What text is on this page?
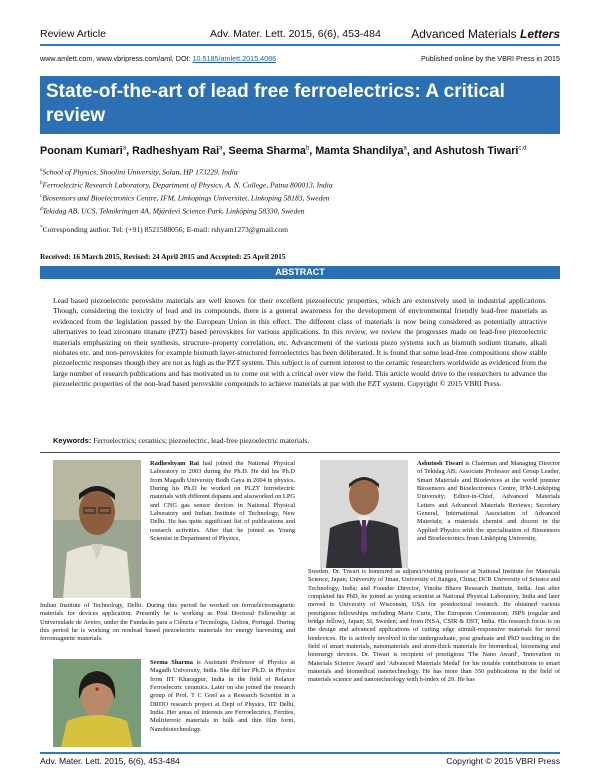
Review Article	Adv. Mater. Lett. 2015, 6(6), 453-484	Advanced Materials Letters
www.amlett.com, www.vbripress.com/aml, DOI: 10.5185/amlett.2015.4086	Published online by the VBRI Press in 2015
State-of-the-art of lead free ferroelectrics: A critical review
Poonam Kumari$^a$, Radheshyam Rai$^a$, Seema Sharma$^b$, Mamta Shandilya$^a$, and Ashutosh Tiwari$^{c,d}$
$^a$School of Physics, Shoolini University, Solan, HP 173229, India
$^b$Ferroelectric Research Laboratory, Department of Physics, A. N. College, Patna 800013, India
$^c$Biosensors and Bioelectronics Centre, IFM, Linkopings Universitet, Linkoping 58183, Sweden
$^d$Tekidag AB, UCS, Teknikringen 4A, Mjärdevi Science Park, Linköping 58330, Sweden
*Corresponding author. Tel: (+91) 8521588056; E-mail: rshyam1273@gmail.com
Received: 16 March 2015, Revised: 24 April 2015 and Accepted: 25 April 2015
ABSTRACT
Lead based piezoelectric perovskite materials are well known for their excellent piezoelectric properties, which are extensively used in industrial applications. Though, considering the toxicity of lead and its compounds, there is a general awareness for the development of environmental friendly lead-free materials as evidenced from the legislation passed by the European Union in this effect. The different class of materials is now being considered as potentially attractive alternatives to lead zirconate titanate (PZT) based perovskites for various applications. In this review, we review the progresses made on lead-free piezoelectric materials emphasizing on their synthesis, structure–property correlation, etc. Advancement of the various piezo systems such as bismuth sodium titanate, alkali niobates etc. and non-perovskites for example bismuth layer-structured ferroelectrics has been deliberated. It is found that some lead-free compositions show stable piezoelectric responses though they are not as high as the PZT system. This subject is of current interest to the ceramic researchers worldwide as evidenced from the large number of research publications and has motivated us to come out with a critical over view the field. This article would drive to the researchers to advance the piezoelectric properties of the non-lead based perovskite compounds to achieve materials at par with the PZT system. Copyright © 2015 VBRI Press.
Keywords: Ferroelectrics; ceramics; piezoelectric, lead-free piezoelectric materials.
Radheshyam Rai had joined the National Physical Laboratory in 2003 during the Ph.D. He did his Ph.D from Magadh University Bodh Gaya in 2004 in physics. During his Ph.D he worked on PLZT ferroelectric materials with different dopants and alsoworked on LPG and CNG gas sensor devices in National Physical Laboratory and Indian Institute of Technology, New Delhi. He has quite significant list of publications and research activities. After that he joined as Young Scientist in Department of Physics,
Indian Institute of Technology, Delhi. During this period he worked on ferroelectromagnetic materials for devices application. Presently he is working as Post Doctoral Fellowship at Universidade de Aveiro, under the Fundacão para a Ciência e Tecnologia, Lisboa, Portugal. During this period he is working on nonlead based piezoelectric materials for energy harvesting and ferromagnetic materials.
Seema Sharma is Assistant Professor of Physics at Magadh University, India. She did her Ph.D. in Physics from IIT Kharagpur, India in the field of Relaxor Ferroelectric ceramics. Later on she joined the research group of Prof. T C Goel as a Research Scientist in a DRDO research project at Dept of Physics, IIT Delhi, India. Her areas of interests are Ferroelectrics, Ferrites, Multiferroic materials in bulk and thin film form, Nanobiotechnology.
Ashutosh Tiwari is Chairman and Managing Director of Tekidag AB; Associate Professor and Group Leader, Smart Materials and Biodevices at the world premier Biosensors and Bioelectronics Centre, IFM-Linköping University; Editor-in-Chief, Advanced Materials Letters and Advanced Materials Reviews; Secretary General, International Association of Advanced Materials; a materials chemist and docent in the Applied Physics with the specialisation of Biosensors and Bioelectronics from Linköping University,
Sweden. Dr. Tiwari is honoured as adjunct/visiting professor at National Institute for Materials Science, Japan; University of Jinan, University of Jiangsu, China; DCR University of Science and Technology, India; and Founder Director, Vinoba Bhave Research Institute, India. Just after completed his PhD, he joined as young scientist at National Physical Laboratory, India and later moved to University of Wisconsin, USA for postdoctoral research. He obtained various prestigious fellowships including Marie Curie, The European Commission; JSPS (regular and bridge fellow), Japan; SI, Sweden; and from INSA, CSIR & DST, India. His research focus is on the design and advanced applications of cutting edge stimuli-responsive materials for novel biodevices. He is actively involved in the undergraduate, post graduate and PhD teaching in the field of smart materials, nanomaterials and atom-thick materials for biomedical, biosensing and bioenergy devices. Dr. Tiwari is recipient of prestigious 'The Nano Award', 'Innovation in Materials Science Award' and 'Advanced Materials Medal' for his notable contributions to smart materials and biomedical nanotechnology. He has more than 350 publications in the field of materials science and nanotechnology with h-index of 29. He has
Adv. Mater. Lett. 2015, 6(6), 453-484	Copyright © 2015 VBRI Press
